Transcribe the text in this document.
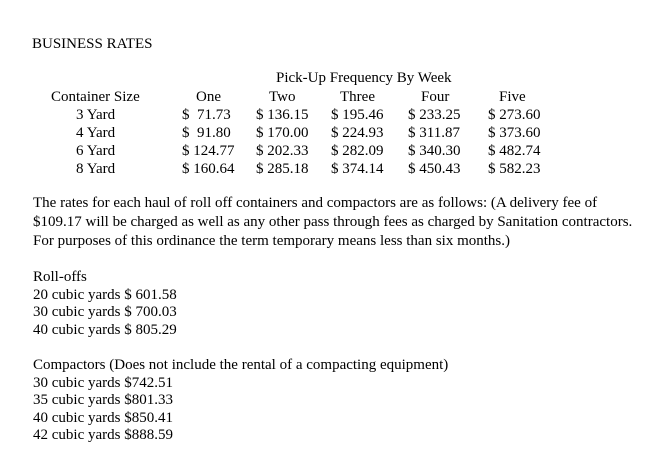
BUSINESS RATES
Pick-Up Frequency By Week
Container Size	One	Two	Three	Four	Five
3 Yard	$  71.73 $ 136.15 $ 195.46 $ 233.25 $ 273.60
4 Yard	$  91.80 $ 170.00 $ 224.93 $ 311.87 $ 373.60
6 Yard	$ 124.77 $ 202.33 $ 282.09 $ 340.30 $ 482.74
8 Yard	$ 160.64 $ 285.18 $ 374.14 $ 450.43 $ 582.23

The rates for each haul of roll off containers and compactors are as follows: (A delivery fee of $109.17 will be charged as well as any other pass through fees as charged by Sanitation contractors. For purposes of this ordinance the term temporary means less than six months.)

Roll-offs
20 cubic yards $ 601.58
30 cubic yards $ 700.03
40 cubic yards $ 805.29
Compactors (Does not include the rental of a compacting equipment)
30 cubic yards $742.51
35 cubic yards $801.33
40 cubic yards $850.41
42 cubic yards $888.59
